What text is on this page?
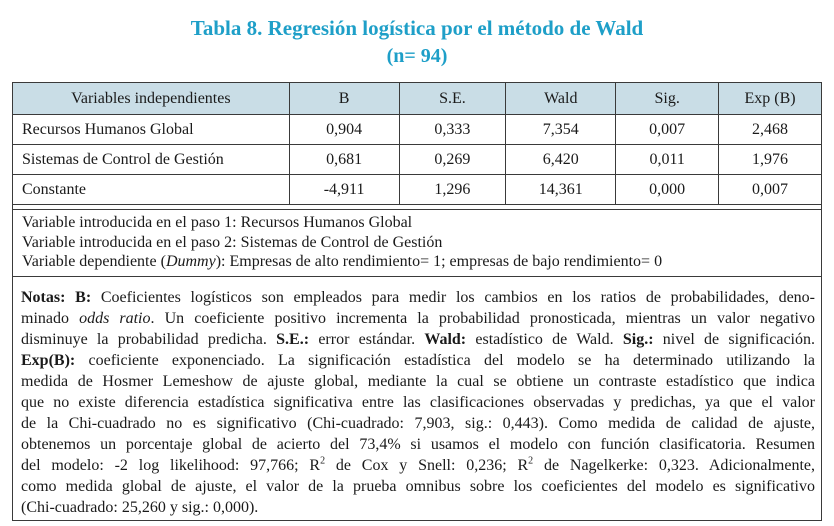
Tabla 8. Regresión logística por el método de Wald
(n= 94)
Variables independientes	B	S.E.	Wald	Sig.	Exp (B)
Recursos Humanos Global	0,904	0,333	7,354	0,007	2,468
Sistemas de Control de Gestión	0,681	0,269	6,420	0,011	1,976
Constante	-4,911	1,296	14,361	0,000	0,007
Variable introducida en el paso 1: Recursos Humanos Global
Variable introducida en el paso 2: Sistemas de Control de Gestión
Variable dependiente (Dummy): Empresas de alto rendimiento= 1; empresas de bajo rendimiento= 0
Notas: B: Coeficientes logísticos son empleados para medir los cambios en los ratios de probabilidades, deno-
minado odds ratio. Un coeficiente positivo incrementa la probabilidad pronosticada, mientras un valor negativo
disminuye la probabilidad predicha. S.E.: error estándar. Wald: estadístico de Wald. Sig.: nivel de significación.
Exp(B): coeficiente exponenciado. La significación estadística del modelo se ha determinado utilizando la
medida de Hosmer Lemeshow de ajuste global, mediante la cual se obtiene un contraste estadístico que indica
que no existe diferencia estadística significativa entre las clasificaciones observadas y predichas, ya que el valor
de la Chi-cuadrado no es significativo (Chi-cuadrado: 7,903, sig.: 0,443). Como medida de calidad de ajuste,
obtenemos un porcentaje global de acierto del 73,4% si usamos el modelo con función clasificatoria. Resumen
del modelo: -2 log likelihood: 97,766; $R^2$ de Cox y Snell: 0,236; $R^2$ de Nagelkerke: 0,323. Adicionalmente,
como medida global de ajuste, el valor de la prueba omnibus sobre los coeficientes del modelo es significativo
(Chi-cuadrado: 25,260 y sig.: 0,000).
